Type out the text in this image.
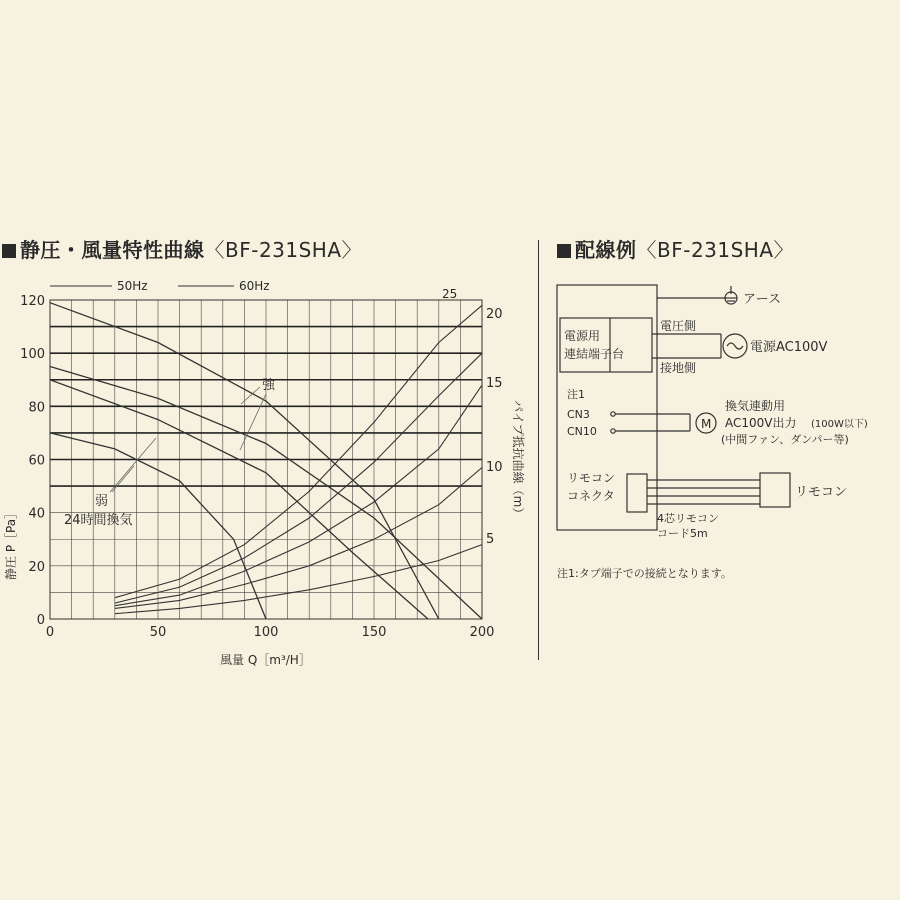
静圧・風量特性曲線〈BF-231SHA〉	配線例〈BF-231SHA〉
50Hz	60Hz
0	50	100	150	200
0
20
40
60
80
100
120	25
20
15
10
5
強
弱
24時間換気
風量 Q［m³/H］
静圧 P［Pa］
パイプ抵抗曲線（m）
電源用
連結端子台
アース
電圧側
接地側
電源AC100V
注1
CN3
CN10
M
換気連動用
AC100V出力 (100W以下)
(中間ファン、ダンパー等)
リモコン
コネクタ
4芯リモコン
コード5m
リモコン
注1:タブ端子での接続となります。
